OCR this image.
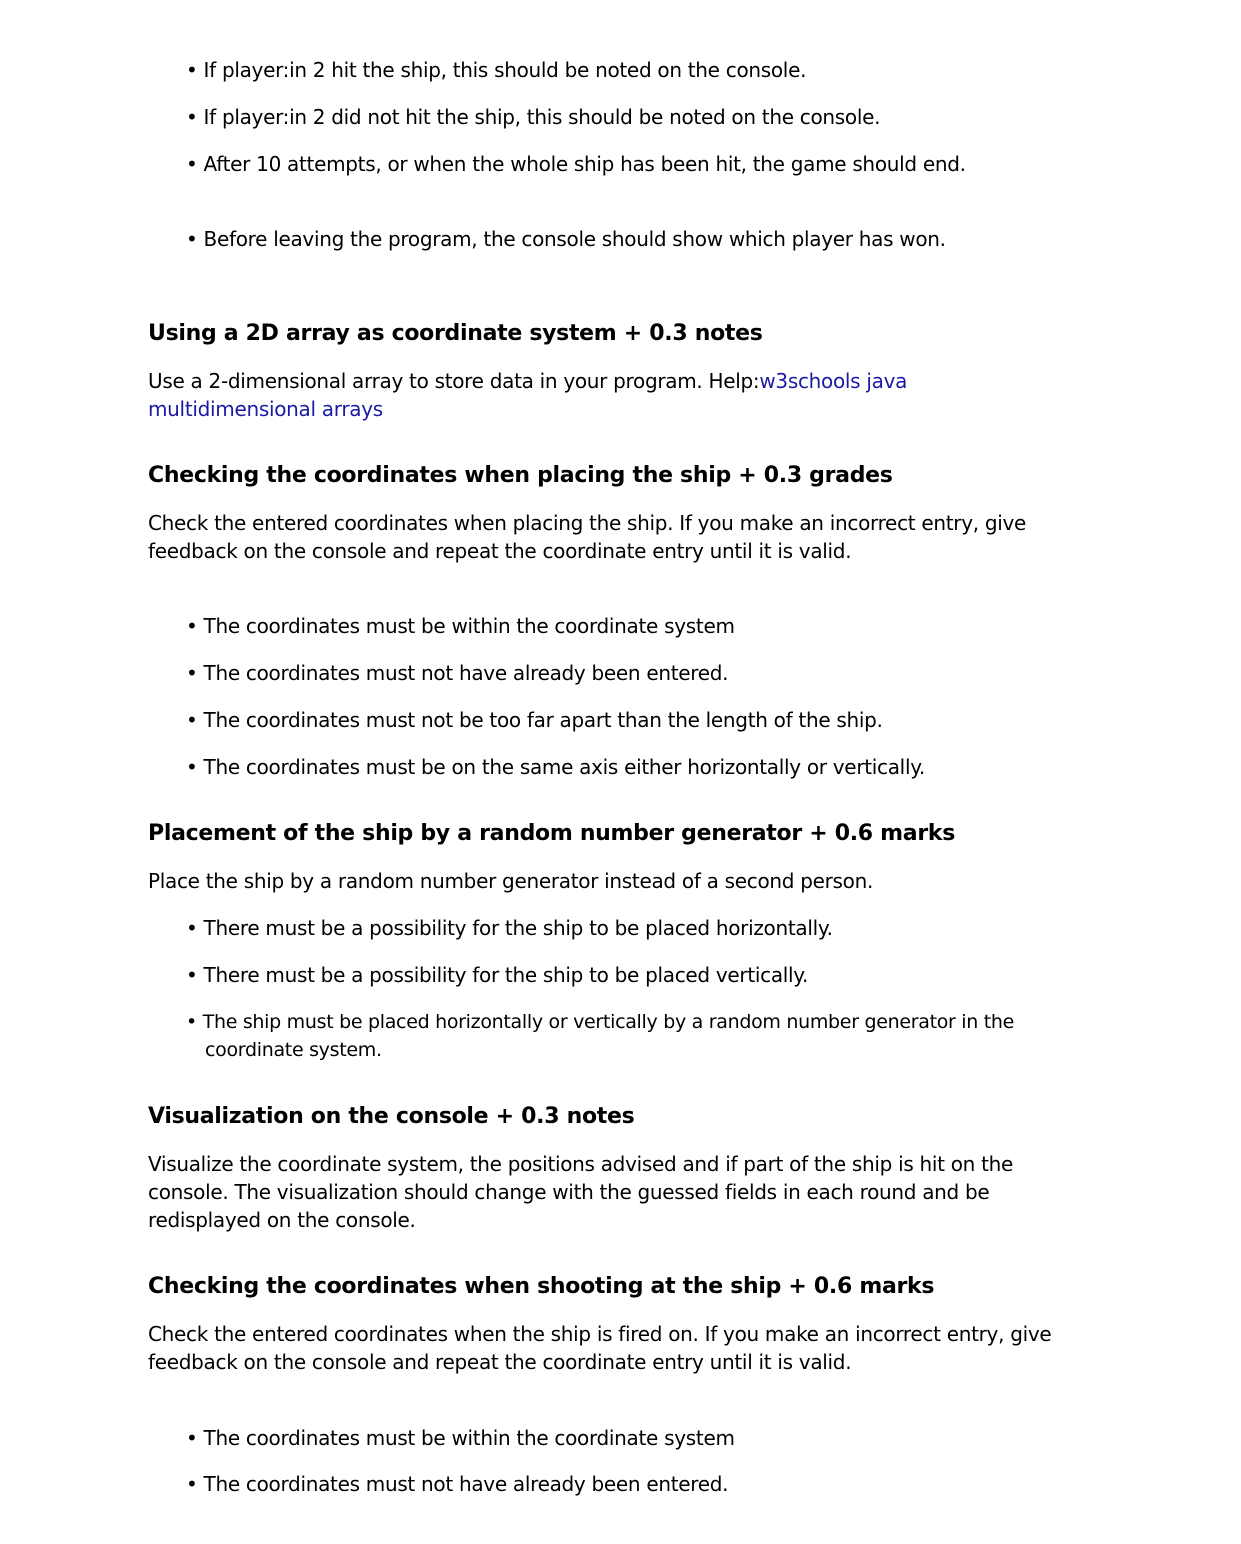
• If player:in 2 hit the ship, this should be noted on the console.
• If player:in 2 did not hit the ship, this should be noted on the console.
• After 10 attempts, or when the whole ship has been hit, the game should end.
• Before leaving the program, the console should show which player has won.
Using a 2D array as coordinate system + 0.3 notes
Use a 2-dimensional array to store data in your program. Help:w3schools java
multidimensional arrays
Checking the coordinates when placing the ship + 0.3 grades
Check the entered coordinates when placing the ship. If you make an incorrect entry, give
feedback on the console and repeat the coordinate entry until it is valid.
• The coordinates must be within the coordinate system
• The coordinates must not have already been entered.
• The coordinates must not be too far apart than the length of the ship.
• The coordinates must be on the same axis either horizontally or vertically.
Placement of the ship by a random number generator + 0.6 marks
Place the ship by a random number generator instead of a second person.
• There must be a possibility for the ship to be placed horizontally.
• There must be a possibility for the ship to be placed vertically.
• The ship must be placed horizontally or vertically by a random number generator in the
coordinate system.
Visualization on the console + 0.3 notes
Visualize the coordinate system, the positions advised and if part of the ship is hit on the
console. The visualization should change with the guessed fields in each round and be
redisplayed on the console.
Checking the coordinates when shooting at the ship + 0.6 marks
Check the entered coordinates when the ship is fired on. If you make an incorrect entry, give
feedback on the console and repeat the coordinate entry until it is valid.
• The coordinates must be within the coordinate system
• The coordinates must not have already been entered.
